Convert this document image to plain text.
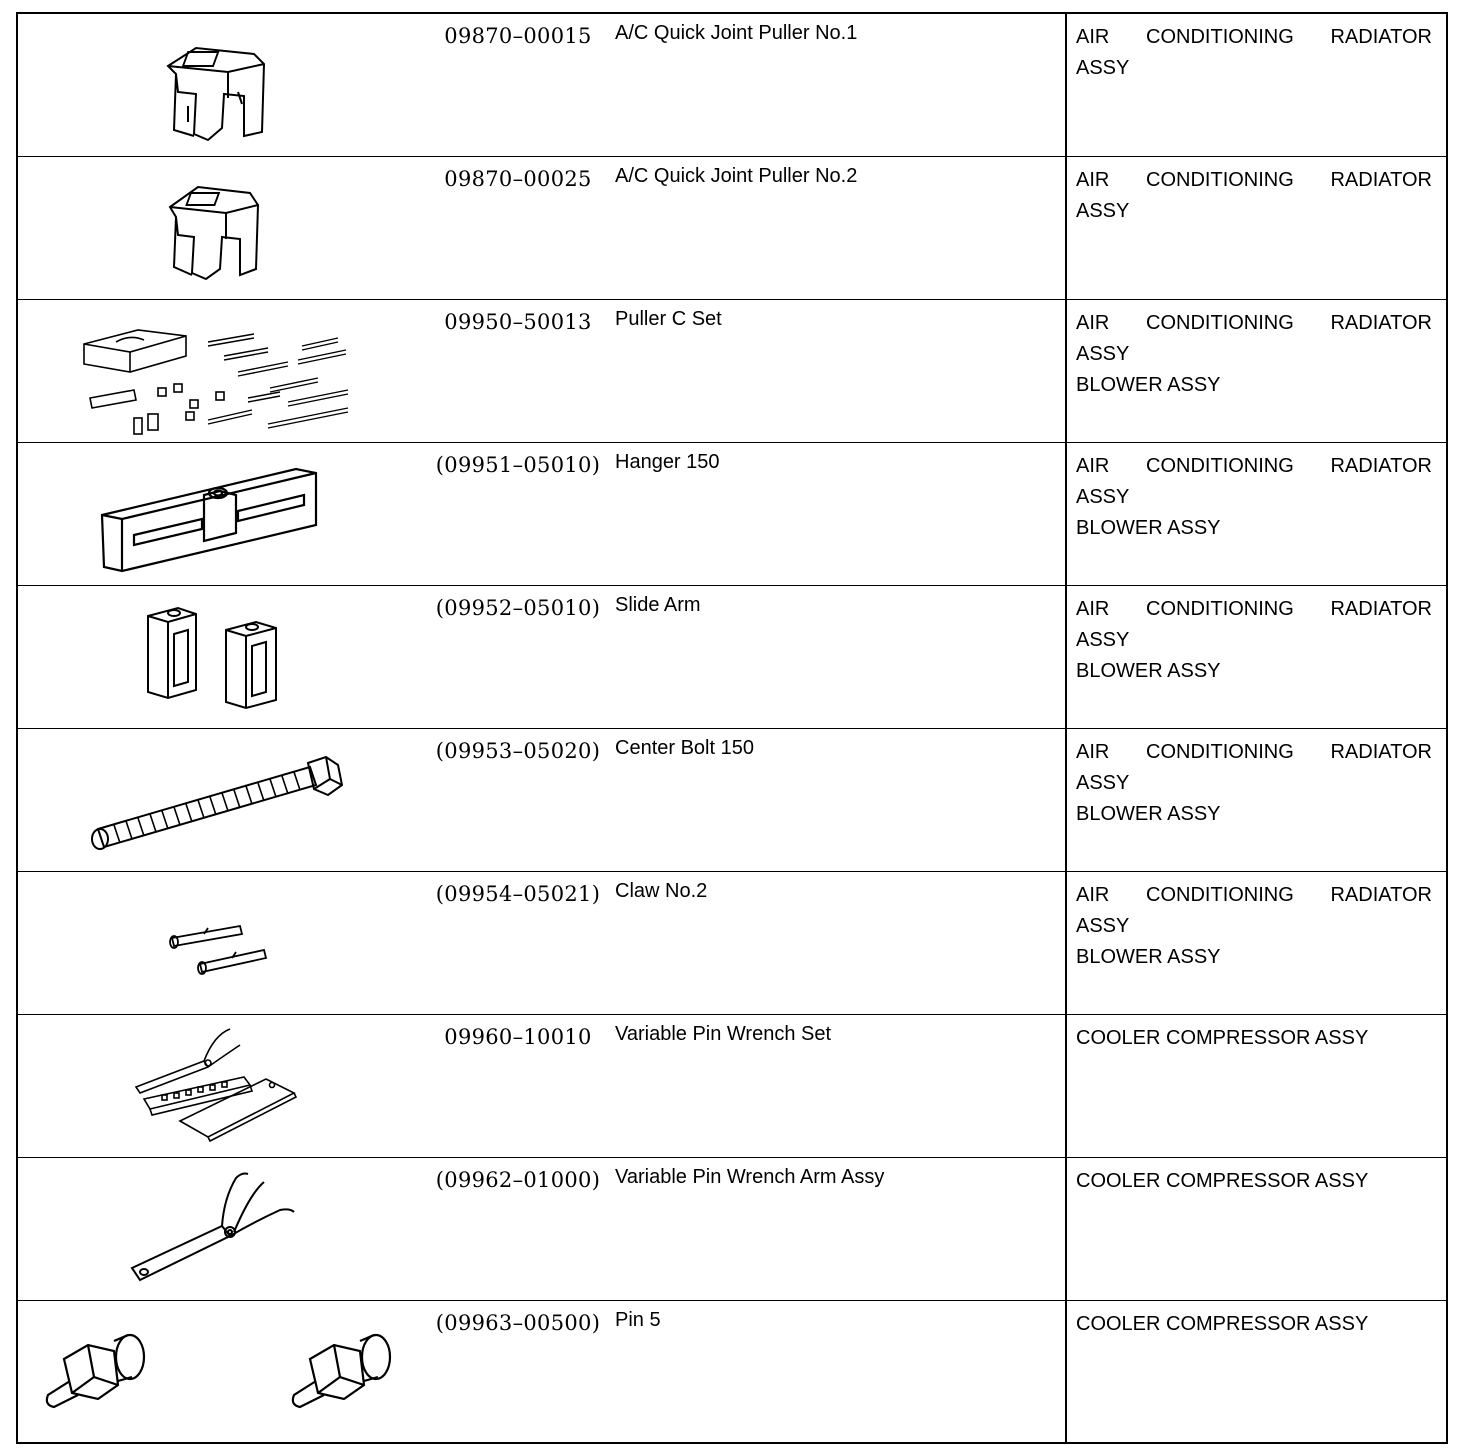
09870–00015	A/C Quick Joint Puller No.1	AIR CONDITIONING RADIATOR
ASSY
09870–00025	A/C Quick Joint Puller No.2	AIR CONDITIONING RADIATOR
ASSY
09950–50013	Puller C Set	AIR CONDITIONING RADIATOR
ASSY
BLOWER ASSY
(09951–05010) Hanger 150	AIR CONDITIONING RADIATOR
ASSY
BLOWER ASSY
(09952–05010) Slide Arm	AIR CONDITIONING RADIATOR
ASSY
BLOWER ASSY
(09953–05020) Center Bolt 150	AIR CONDITIONING RADIATOR
ASSY
BLOWER ASSY
(09954–05021) Claw No.2	AIR CONDITIONING RADIATOR
ASSY
BLOWER ASSY
09960–10010	Variable Pin Wrench Set	COOLER COMPRESSOR ASSY
(09962–01000) Variable Pin Wrench Arm Assy	COOLER COMPRESSOR ASSY
(09963–00500) Pin 5	COOLER COMPRESSOR ASSY
